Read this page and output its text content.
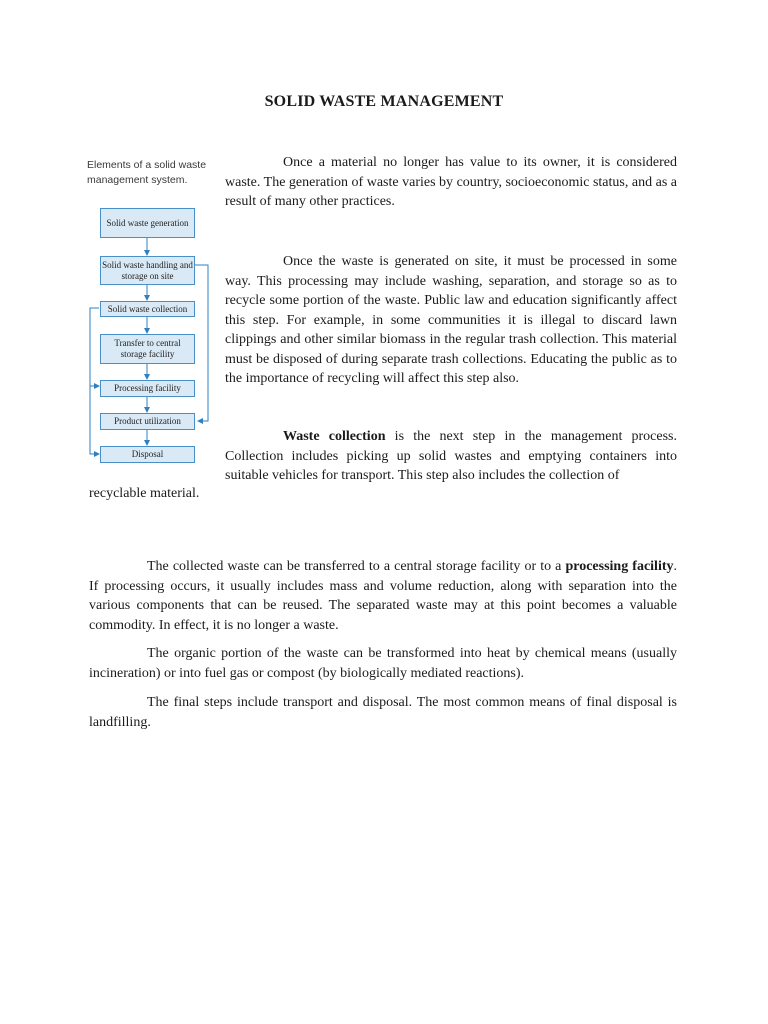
SOLID WASTE MANAGEMENT
Elements of a solid waste management system.
Solid waste generation
Solid waste handling and storage on site
Solid waste collection
Transfer to central storage facility
Processing facility
Product utilization
Disposal

Once a material no longer has value to its owner, it is considered waste. The generation of waste varies by country, socioeconomic status, and as a result of many other practices.

Once the waste is generated on site, it must be processed in some way. This processing may include washing, separation, and storage so as to recycle some portion of the waste. Public law and education significantly affect this step. For example, in some communities it is illegal to discard lawn clippings and other similar biomass in the regular trash collection. This material must be disposed of during separate trash collections. Educating the public as to the importance of recycling will affect this step also.

Waste collection is the next step in the management process. Collection includes picking up solid wastes and emptying containers into suitable vehicles for transport. This step also includes the collection of

recyclable material.

The collected waste can be transferred to a central storage facility or to a processing facility. If processing occurs, it usually includes mass and volume reduction, along with separation into the various components that can be reused. The separated waste may at this point becomes a valuable commodity. In effect, it is no longer a waste.

The organic portion of the waste can be transformed into heat by chemical means (usually incineration) or into fuel gas or compost (by biologically mediated reactions).

The final steps include transport and disposal. The most common means of final disposal is landfilling.
